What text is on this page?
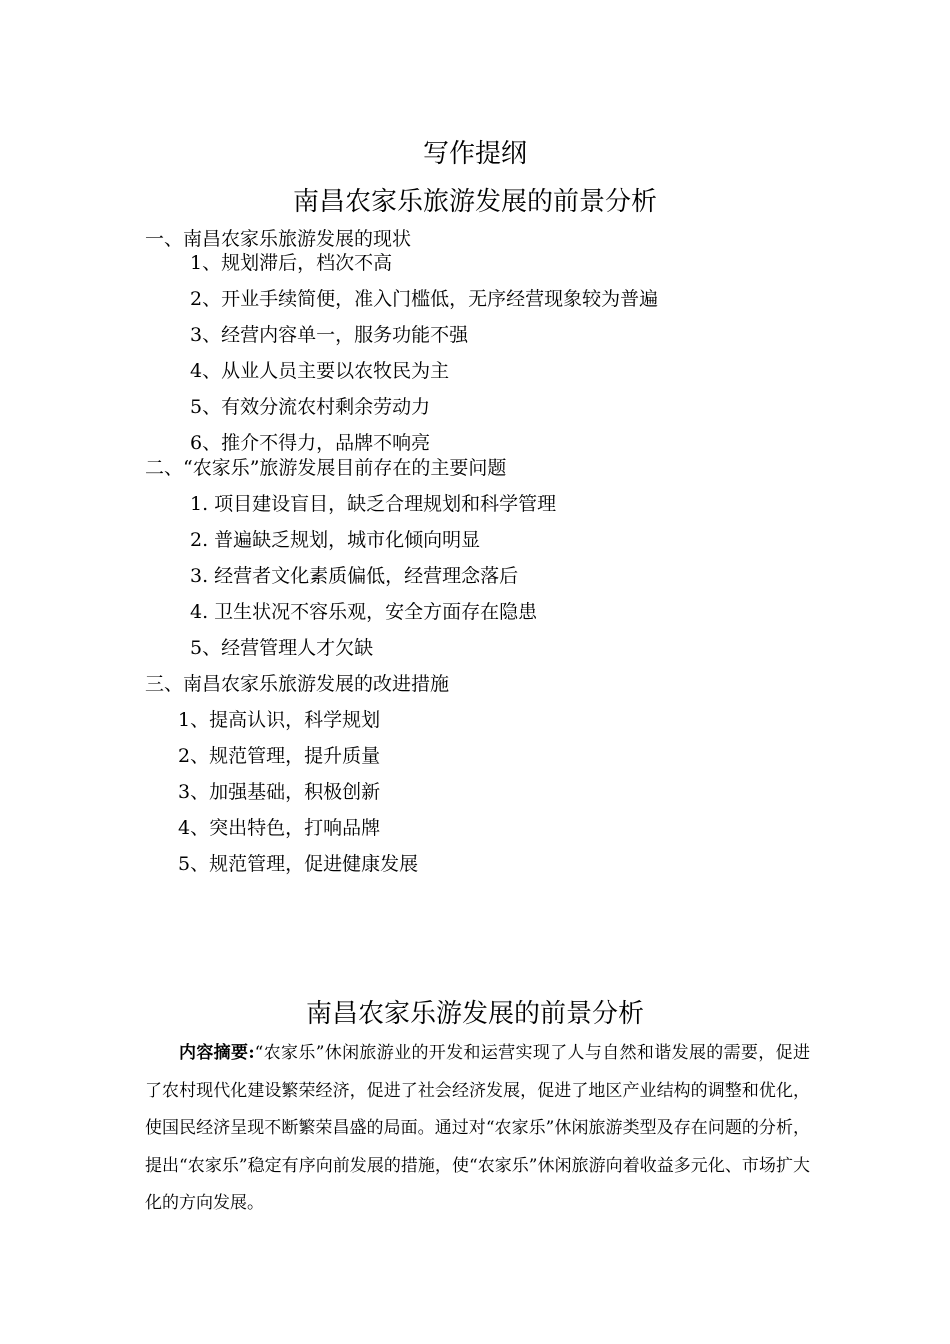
写作提纲
南昌农家乐旅游发展的前景分析
一、南昌农家乐旅游发展的现状
1、规划滞后，档次不高
2、开业手续简便，准入门槛低，无序经营现象较为普遍
3、经营内容单一，服务功能不强
4、从业人员主要以农牧民为主
5、有效分流农村剩余劳动力
6、推介不得力，品牌不响亮
二、“农家乐”旅游发展目前存在的主要问题
1. 项目建设盲目，缺乏合理规划和科学管理
2. 普遍缺乏规划，城市化倾向明显
3. 经营者文化素质偏低，经营理念落后
4. 卫生状况不容乐观，安全方面存在隐患
5、经营管理人才欠缺
三、南昌农家乐旅游发展的改进措施
1、提高认识，科学规划
2、规范管理，提升质量
3、加强基础，积极创新
4、突出特色，打响品牌
5、规范管理，促进健康发展
南昌农家乐游发展的前景分析
内容摘要:“农家乐”休闲旅游业的开发和运营实现了人与自然和谐发展的需要，促进了农村现代化建设繁荣经济，促进了社会经济发展，促进了地区产业结构的调整和优化，使国民经济呈现不断繁荣昌盛的局面。通过对“农家乐”休闲旅游类型及存在问题的分析，提出“农家乐”稳定有序向前发展的措施，使“农家乐”休闲旅游向着收益多元化、市场扩大化的方向发展。
